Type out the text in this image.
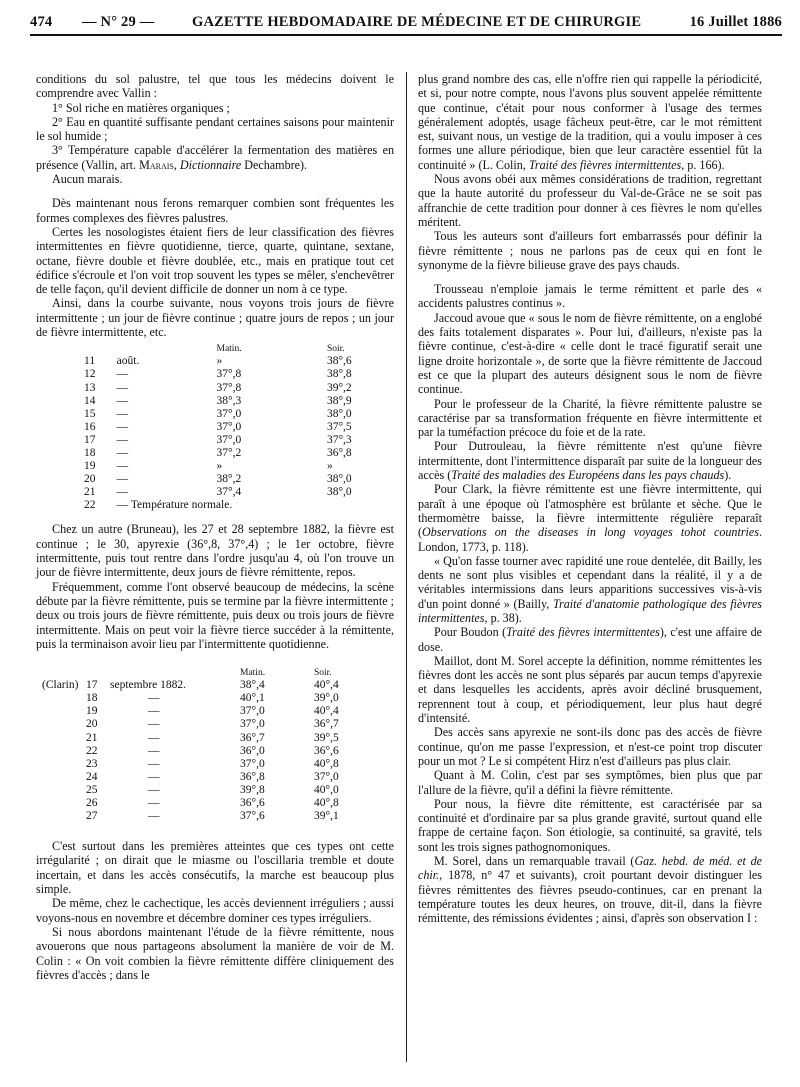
474 — N° 29 —	GAZETTE HEBDOMADAIRE DE MÉDECINE ET DE CHIRURGIE	16 Juillet 1886

conditions du sol palustre, tel que tous les médecins doivent le comprendre avec Vallin :

1° Sol riche en matières organiques ;

2° Eau en quantité suffisante pendant certaines saisons pour maintenir le sol humide ;

3° Température capable d'accélérer la fermentation des matières en présence (Vallin, art. Marais, Dictionnaire Dechambre).

Aucun marais.

Dès maintenant nous ferons remarquer combien sont fréquentes les formes complexes des fièvres palustres.

Certes les nosologistes étaient fiers de leur classification des fièvres intermittentes en fièvre quotidienne, tierce, quarte, quintane, sextane, octane, fièvre double et fièvre doublée, etc., mais en pratique tout cet édifice s'écroule et l'on voit trop souvent les types se mêler, s'enchevêtrer de telle façon, qu'il devient difficile de donner un nom à ce type.

Ainsi, dans la courbe suivante, nous voyons trois jours de fièvre intermittente ; un jour de fièvre continue ; quatre jours de repos ; un jour de fièvre intermittente, etc.

		Matin.	Soir.
11	août.	»	38°,6
12	—	37°,8	38°,8
13	—	37°,8	39°,2
14	—	38°,3	38°,9
15	—	37°,0	38°,0
16	—	37°,0	37°,5
17	—	37°,0	37°,3
18	—	37°,2	36°,8
19	—	»	»
20	—	38°,2	38°,0
21	—	37°,4	38°,0
22	— Température normale.		

Chez un autre (Bruneau), les 27 et 28 septembre 1882, la fièvre est continue ; le 30, apyrexie (36°,8, 37°,4) ; le 1er octobre, fièvre intermittente, puis tout rentre dans l'ordre jusqu'au 4, où l'on trouve un jour de fièvre intermittente, deux jours de fièvre rémittente, repos.

Fréquemment, comme l'ont observé beaucoup de médecins, la scène débute par la fièvre rémittente, puis se termine par la fièvre intermittente ; deux ou trois jours de fièvre rémittente, puis deux ou trois jours de fièvre intermittente. Mais on peut voir la fièvre tierce succéder à la rémittente, puis la terminaison avoir lieu par l'intermittente quotidienne.

			Matin.	Soir.
(Clarin)	17	septembre 1882.	38°,4	40°,4
	18	—	40°,1	39°,0
	19	—	37°,0	40°,4
	20	—	37°,0	36°,7
	21	—	36°,7	39°,5
	22	—	36°,0	36°,6
	23	—	37°,0	40°,8
	24	—	36°,8	37°,0
	25	—	39°,8	40°,0
	26	—	36°,6	40°,8
	27	—	37°,6	39°,1

C'est surtout dans les premières atteintes que ces types ont cette irrégularité ; on dirait que le miasme ou l'oscillaria tremble et doute incertain, et dans les accès consécutifs, la marche est beaucoup plus simple.

De même, chez le cachectique, les accès deviennent irréguliers ; aussi voyons-nous en novembre et décembre dominer ces types irréguliers.

Si nous abordons maintenant l'étude de la fièvre rémittente, nous avouerons que nous partageons absolument la manière de voir de M. Colin : « On voit combien la fièvre rémittente diffère cliniquement des fièvres d'accès ; dans le

plus grand nombre des cas, elle n'offre rien qui rappelle la périodicité, et si, pour notre compte, nous l'avons plus souvent appelée rémittente que continue, c'était pour nous conformer à l'usage des termes généralement adoptés, usage fâcheux peut-être, car le mot rémittent est, suivant nous, un vestige de la tradition, qui a voulu imposer à ces formes une allure périodique, bien que leur caractère essentiel fût la continuité » (L. Colin, Traité des fièvres intermittentes, p. 166).

Nous avons obéi aux mêmes considérations de tradition, regrettant que la haute autorité du professeur du Val-de-Grâce ne se soit pas affranchie de cette tradition pour donner à ces fièvres le nom qu'elles méritent.

Tous les auteurs sont d'ailleurs fort embarrassés pour définir la fièvre rémittente ; nous ne parlons pas de ceux qui en font le synonyme de la fièvre bilieuse grave des pays chauds.

Trousseau n'emploie jamais le terme rémittent et parle des « accidents palustres continus ».

Jaccoud avoue que « sous le nom de fièvre rémittente, on a englobé des faits totalement disparates ». Pour lui, d'ailleurs, n'existe pas la fièvre continue, c'est-à-dire « celle dont le tracé figuratif serait une ligne droite horizontale », de sorte que la fièvre rémittente de Jaccoud est ce que la plupart des auteurs désignent sous le nom de fièvre continue.

Pour le professeur de la Charité, la fièvre rémittente palustre se caractérise par sa transformation fréquente en fièvre intermittente et par la tuméfaction précoce du foie et de la rate.

Pour Dutrouleau, la fièvre rémittente n'est qu'une fièvre intermittente, dont l'intermittence disparaît par suite de la longueur des accès (Traité des maladies des Européens dans les pays chauds).

Pour Clark, la fièvre rémittente est une fièvre intermittente, qui paraît à une époque où l'atmosphère est brûlante et sèche. Que le thermomètre baisse, la fièvre intermittente régulière reparaît (Observations on the diseases in long voyages tohot countries. London, 1773, p. 118).

« Qu'on fasse tourner avec rapidité une roue dentelée, dit Bailly, les dents ne sont plus visibles et cependant dans la réalité, il y a de véritables intermissions dans leurs apparitions successives vis-à-vis d'un point donné » (Bailly, Traité d'anatomie pathologique des fièvres intermittentes, p. 38).

Pour Boudon (Traité des fièvres intermittentes), c'est une affaire de dose.

Maillot, dont M. Sorel accepte la définition, nomme rémittentes les fièvres dont les accès ne sont plus séparés par aucun temps d'apyrexie et dans lesquelles les accidents, après avoir décliné brusquement, reprennent tout à coup, et périodiquement, leur plus haut degré d'intensité.

Des accès sans apyrexie ne sont-ils donc pas des accès de fièvre continue, qu'on me passe l'expression, et n'est-ce point trop discuter pour un mot ? Le si compétent Hirz n'est d'ailleurs pas plus clair.

Quant à M. Colin, c'est par ses symptômes, bien plus que par l'allure de la fièvre, qu'il a défini la fièvre rémittente.

Pour nous, la fièvre dite rémittente, est caractérisée par sa continuité et d'ordinaire par sa plus grande gravité, surtout quand elle frappe de certaine façon. Son étiologie, sa continuité, sa gravité, tels sont les trois signes pathognomoniques.

M. Sorel, dans un remarquable travail (Gaz. hebd. de méd. et de chir., 1878, n° 47 et suivants), croit pourtant devoir distinguer les fièvres rémittentes des fièvres pseudo-continues, car en prenant la température toutes les deux heures, on trouve, dit-il, dans la fièvre rémittente, des rémissions évidentes ; ainsi, d'après son observation I :
